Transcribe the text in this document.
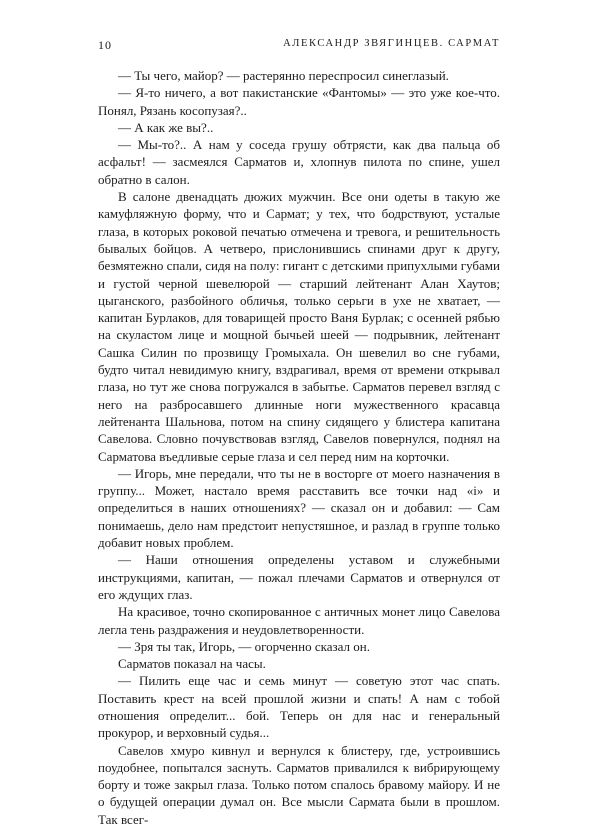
10	АЛЕКСАНДР ЗВЯГИНЦЕВ. САРМАТ

— Ты чего, майор? — растерянно переспросил синеглазый.

— Я-то ничего, а вот пакистанские «Фантомы» — это уже кое-что. Понял, Рязань косопузая?..

— А как же вы?..

— Мы-то?.. А нам у соседа грушу обтрясти, как два пальца об асфальт! — засмеялся Сарматов и, хлопнув пилота по спине, ушел обратно в салон.

В салоне двенадцать дюжих мужчин. Все они одеты в такую же камуфляжную форму, что и Сармат; у тех, что бодрствуют, усталые глаза, в которых роковой печатью отмечена и тревога, и решительность бывалых бойцов. А четверо, прислонившись спинами друг к другу, безмятежно спали, сидя на полу: гигант с детскими припухлыми губами и густой черной шевелюрой — старший лейтенант Алан Хаутов; цыганского, разбойного обличья, только серьги в ухе не хватает, — капитан Бурлаков, для товарищей просто Ваня Бурлак; с осенней рябью на скуластом лице и мощной бычьей шеей — подрывник, лейтенант Сашка Силин по прозвищу Громыхала. Он шевелил во сне губами, будто читал невидимую книгу, вздрагивал, время от времени открывал глаза, но тут же снова погружался в забытье. Сарматов перевел взгляд с него на разбросавшего длинные ноги мужественного красавца лейтенанта Шальнова, потом на спину сидящего у блистера капитана Савелова. Словно почувствовав взгляд, Савелов повернулся, поднял на Сарматова въедливые серые глаза и сел перед ним на корточки.

— Игорь, мне передали, что ты не в восторге от моего назначения в группу... Может, настало время расставить все точки над «i» и определиться в наших отношениях? — сказал он и добавил: — Сам понимаешь, дело нам предстоит непустяшное, и разлад в группе только добавит новых проблем.

— Наши отношения определены уставом и служебными инструкциями, капитан, — пожал плечами Сарматов и отвернулся от его ждущих глаз.

На красивое, точно скопированное с античных монет лицо Савелова легла тень раздражения и неудовлетворенности.

— Зря ты так, Игорь, — огорченно сказал он.

Сарматов показал на часы.

— Пилить еще час и семь минут — советую этот час спать. Поставить крест на всей прошлой жизни и спать! А нам с тобой отношения определит... бой. Теперь он для нас и генеральный прокурор, и верховный судья...

Савелов хмуро кивнул и вернулся к блистеру, где, устроившись поудобнее, попытался заснуть. Сарматов привалился к вибрирующему борту и тоже закрыл глаза. Только потом спалось бравому майору. И не о будущей операции думал он. Все мысли Сармата были в прошлом. Так всег-
